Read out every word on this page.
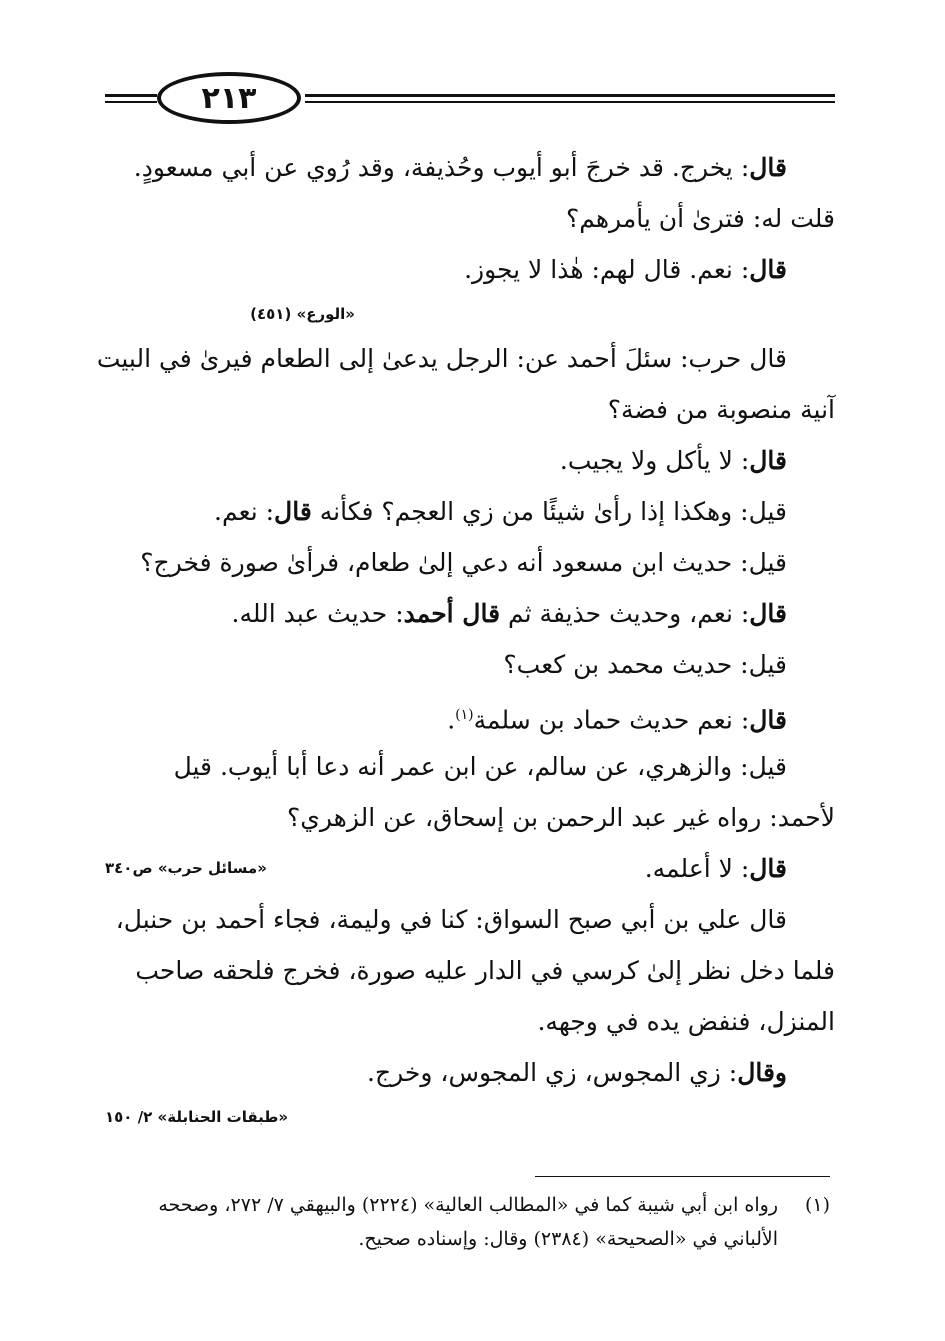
٢١٣
قال: يخرج. قد خرجَ أبو أيوب وحُذيفة، وقد رُوي عن أبي مسعودٍ.
قلت له: فترىٰ أن يأمرهم؟
قال: نعم. قال لهم: هٰذا لا يجوز.
«الورع» (٤٥١)
قال حرب: سئلَ أحمد عن: الرجل يدعىٰ إلى الطعام فيرىٰ في البيت
آنية منصوبة من فضة؟
قال: لا يأكل ولا يجيب.
قيل: وهكذا إذا رأىٰ شيئًا من زي العجم؟ فكأنه قال: نعم.
قيل: حديث ابن مسعود أنه دعي إلىٰ طعام، فرأىٰ صورة فخرج؟
قال: نعم، وحديث حذيفة ثم قال أحمد: حديث عبد الله.
قيل: حديث محمد بن كعب؟
قال: نعم حديث حماد بن سلمة$^{(١)}$.
قيل: والزهري، عن سالم، عن ابن عمر أنه دعا أبا أيوب. قيل
لأحمد: رواه غير عبد الرحمن بن إسحاق، عن الزهري؟
قال: لا أعلمه.
«مسائل حرب» ص٣٤٠
قال علي بن أبي صبح السواق: كنا في وليمة، فجاء أحمد بن حنبل،
فلما دخل نظر إلىٰ كرسي في الدار عليه صورة، فخرج فلحقه صاحب
المنزل، فنفض يده في وجهه.
وقال: زي المجوس، زي المجوس، وخرج.
«طبقات الحنابلة» ٢/ ١٥٠
(١)رواه ابن أبي شيبة كما في «المطالب العالية» (٢٢٢٤) والبيهقي ٧/ ٢٧٢، وصححه
الألباني في «الصحيحة» (٢٣٨٤) وقال: وإسناده صحيح.
